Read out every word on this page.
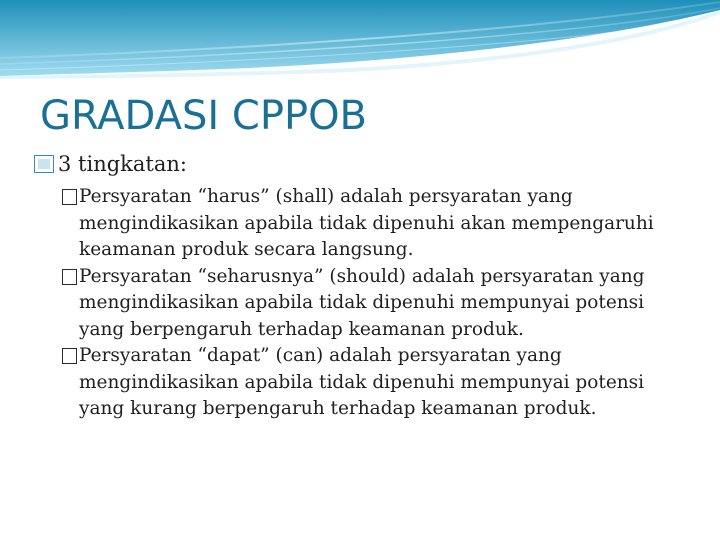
GRADASI CPPOB
3 tingkatan:
Persyaratan “harus” (shall) adalah persyaratan yang mengindikasikan apabila tidak dipenuhi akan mempengaruhi keamanan produk secara langsung.
Persyaratan “seharusnya” (should) adalah persyaratan yang mengindikasikan apabila tidak dipenuhi mempunyai potensi yang berpengaruh terhadap keamanan produk.
Persyaratan “dapat” (can) adalah persyaratan yang mengindikasikan apabila tidak dipenuhi mempunyai potensi yang kurang berpengaruh terhadap keamanan produk.
